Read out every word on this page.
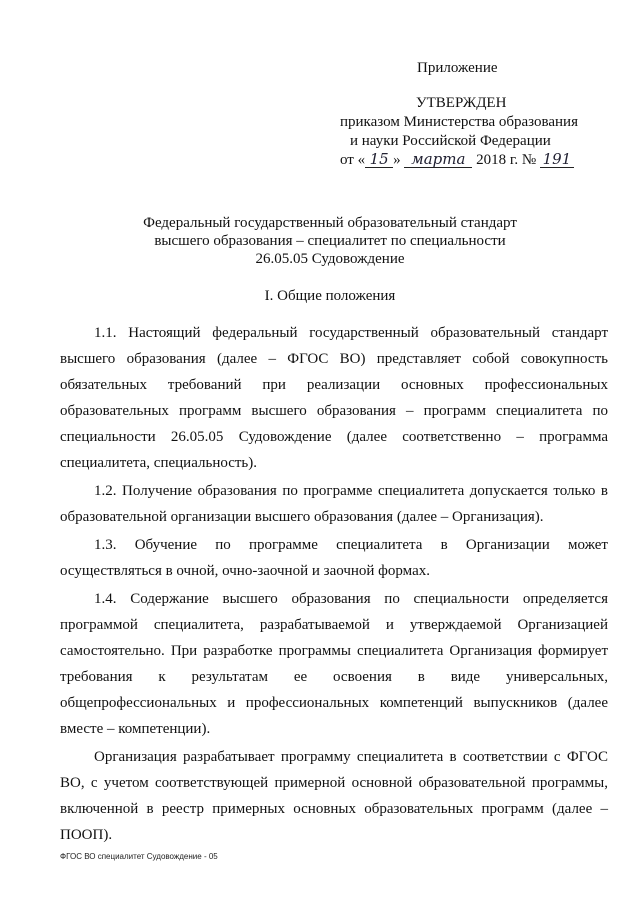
Приложение
УТВЕРЖДЕН
приказом Министерства образования
и науки Российской Федерации
от « 15 » марта 2018 г. № 191
Федеральный государственный образовательный стандарт
высшего образования – специалитет по специальности
26.05.05 Судовождение
I. Общие положения

1.1. Настоящий федеральный государственный образовательный стандарт высшего образования (далее – ФГОС ВО) представляет собой совокупность обязательных требований при реализации основных профессиональных образовательных программ высшего образования – программ специалитета по специальности 26.05.05 Судовождение (далее соответственно – программа специалитета, специальность).

1.2. Получение образования по программе специалитета допускается только в образовательной организации высшего образования (далее – Организация).

1.3. Обучение по программе специалитета в Организации может осуществляться в очной, очно-заочной и заочной формах.

1.4. Содержание высшего образования по специальности определяется программой специалитета, разрабатываемой и утверждаемой Организацией самостоятельно. При разработке программы специалитета Организация формирует требования к результатам ее освоения в виде универсальных, общепрофессиональных и профессиональных компетенций выпускников (далее вместе – компетенции).

Организация разрабатывает программу специалитета в соответствии с ФГОС ВО, с учетом соответствующей примерной основной образовательной программы, включенной в реестр примерных основных образовательных программ (далее – ПООП).

ФГОС ВО специалитет Судовождение - 05
